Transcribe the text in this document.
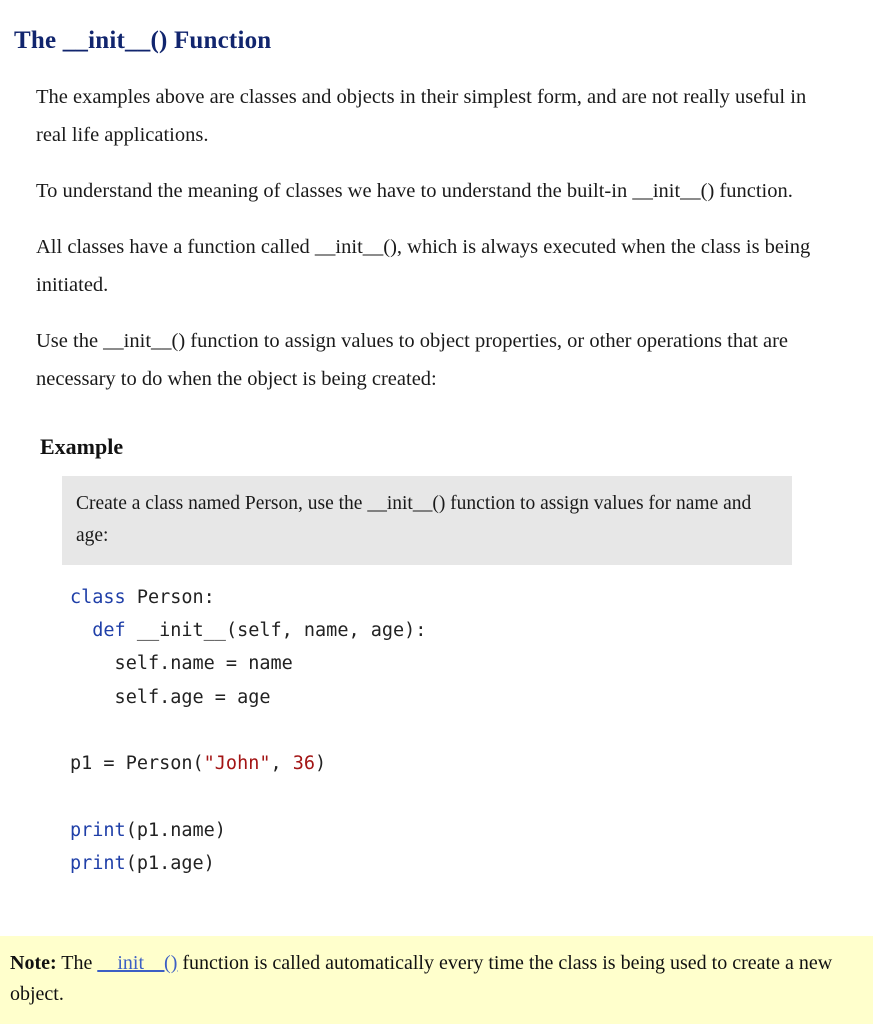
The __init__() Function

The examples above are classes and objects in their simplest form, and are not really useful in real life applications.

To understand the meaning of classes we have to understand the built-in __init__() function.

All classes have a function called __init__(), which is always executed when the class is being initiated.

Use the __init__() function to assign values to object properties, or other operations that are necessary to do when the object is being created:

Example
Create a class named Person, use the __init__() function to assign values for name and age:
class Person:
def __init__(self, name, age):
self.name = name
self.age = age

p1 = Person("John", 36)

print(p1.name)
print(p1.age)
Note: The __init__() function is called automatically every time the class is being used to create a new object.
